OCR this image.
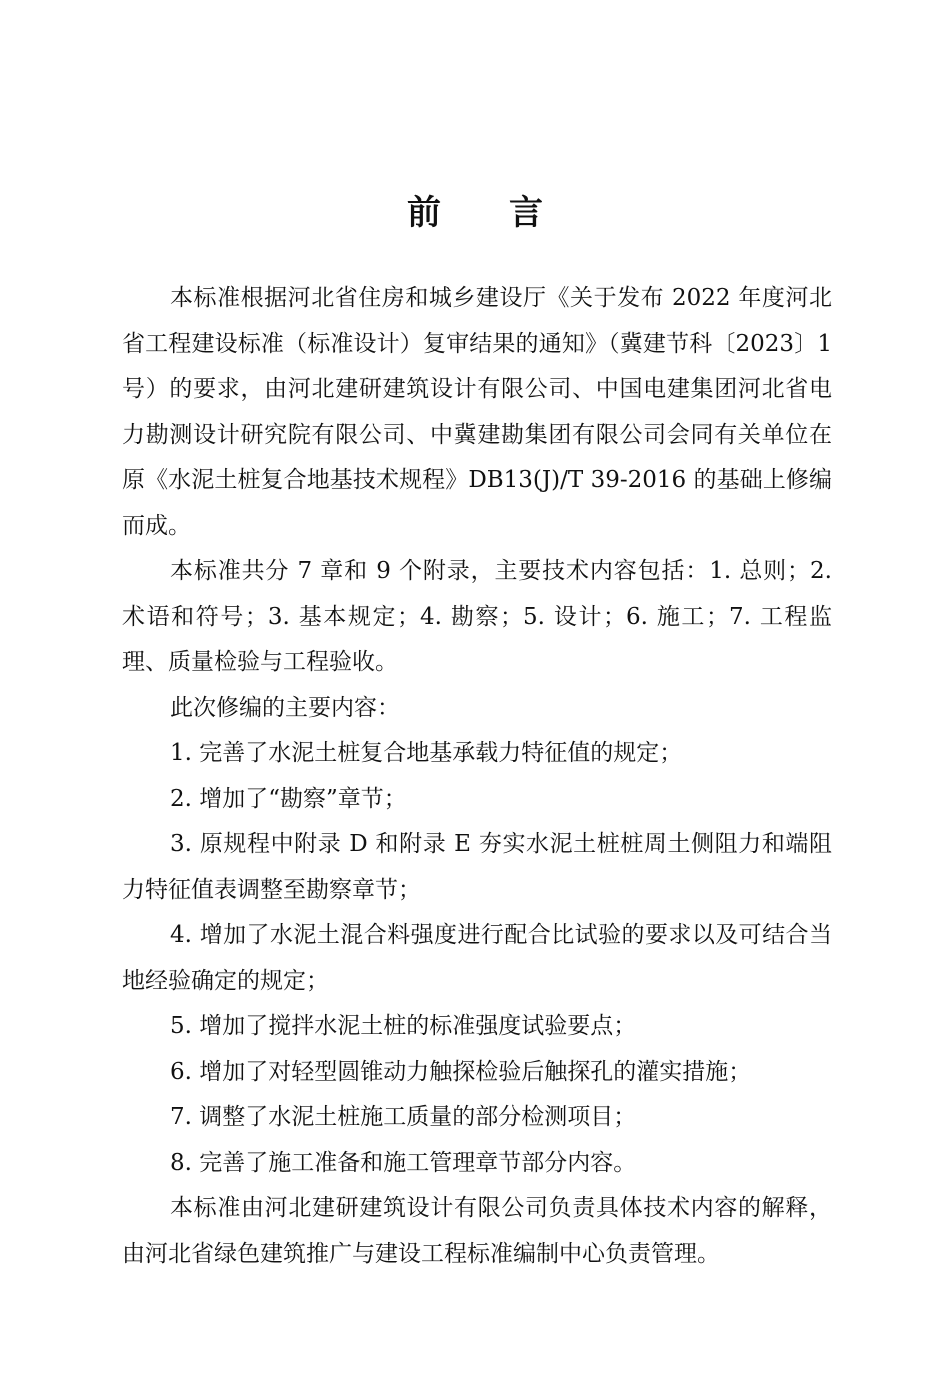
前 言

本标准根据河北省住房和城乡建设厅《关于发布 2022 年度河北省工程建设标准（标准设计）复审结果的通知》（冀建节科〔2023〕1 号）的要求，由河北建研建筑设计有限公司、中国电建集团河北省电力勘测设计研究院有限公司、中冀建勘集团有限公司会同有关单位在原《水泥土桩复合地基技术规程》DB13(J)/T 39-2016 的基础上修编而成。

本标准共分 7 章和 9 个附录，主要技术内容包括：1. 总则；2. 术语和符号；3. 基本规定；4. 勘察；5. 设计；6. 施工；7. 工程监理、质量检验与工程验收。

此次修编的主要内容：

1. 完善了水泥土桩复合地基承载力特征值的规定；

2. 增加了“勘察”章节；

3. 原规程中附录 D 和附录 E 夯实水泥土桩桩周土侧阻力和端阻力特征值表调整至勘察章节；

4. 增加了水泥土混合料强度进行配合比试验的要求以及可结合当地经验确定的规定；

5. 增加了搅拌水泥土桩的标准强度试验要点；

6. 增加了对轻型圆锥动力触探检验后触探孔的灌实措施；

7. 调整了水泥土桩施工质量的部分检测项目；

8. 完善了施工准备和施工管理章节部分内容。

本标准由河北建研建筑设计有限公司负责具体技术内容的解释，由河北省绿色建筑推广与建设工程标准编制中心负责管理。
